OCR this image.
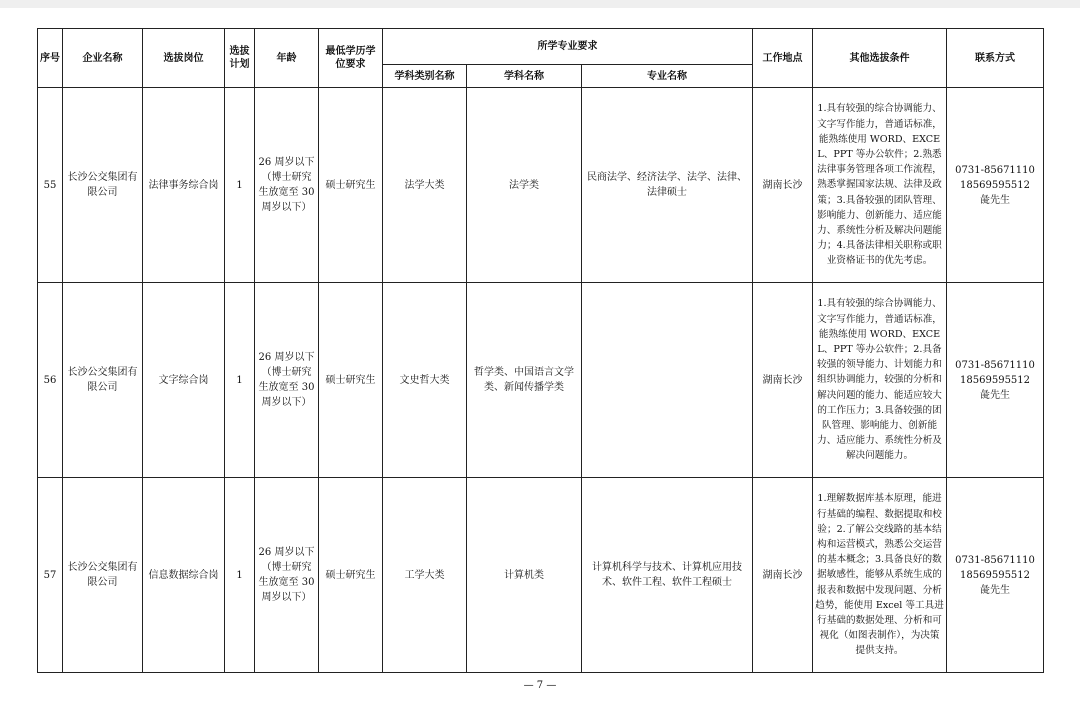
序号	企业名称	选拔岗位	选拔计划	年龄	最低学历学位要求	所学专业要求			工作地点	其他选拔条件	联系方式
						学科类别名称	学科名称	专业名称			
55	长沙公交集团有限公司	法律事务综合岗	1	26 周岁以下（博士研究生放宽至 30 周岁以下）	硕士研究生	法学大类	法学类	民商法学、经济法学、法学、法律、法律硕士	湖南长沙	1.具有较强的综合协调能力、文字写作能力，普通话标准，能熟练使用 WORD、EXCEL、PPT 等办公软件；2.熟悉法律事务管理各项工作流程，熟悉掌握国家法规、法律及政策；3.具备较强的团队管理、影响能力、创新能力、适应能力、系统性分析及解决问题能力；4.具备法律相关职称或职业资格证书的优先考虑。	0731-85671110
18569595512
彘先生

56	长沙公交集团有限公司	文字综合岗	1	26 周岁以下（博士研究生放宽至 30 周岁以下）	硕士研究生	文史哲大类	哲学类、中国语言文学类、新闻传播学类		湖南长沙	1.具有较强的综合协调能力、文字写作能力，普通话标准，能熟练使用 WORD、EXCEL、PPT 等办公软件；2.具备较强的领导能力、计划能力和组织协调能力，较强的分析和解决问题的能力、能适应较大的工作压力；3.具备较强的团队管理、影响能力、创新能力、适应能力、系统性分析及解决问题能力。	0731-85671110
18569595512
彘先生

57	长沙公交集团有限公司	信息数据综合岗	1	26 周岁以下（博士研究生放宽至 30 周岁以下）	硕士研究生	工学大类	计算机类	计算机科学与技术、计算机应用技术、软件工程、软件工程硕士	湖南长沙	1.理解数据库基本原理，能进行基础的编程、数据提取和校验；2.了解公交线路的基本结构和运营模式，熟悉公交运营的基本概念；3.具备良好的数据敏感性，能够从系统生成的报表和数据中发现问题、分析趋势，能使用 Excel 等工具进行基础的数据处理、分析和可视化（如图表制作），为决策提供支持。	0731-85671110
18569595512
彘先生
— 7 —
